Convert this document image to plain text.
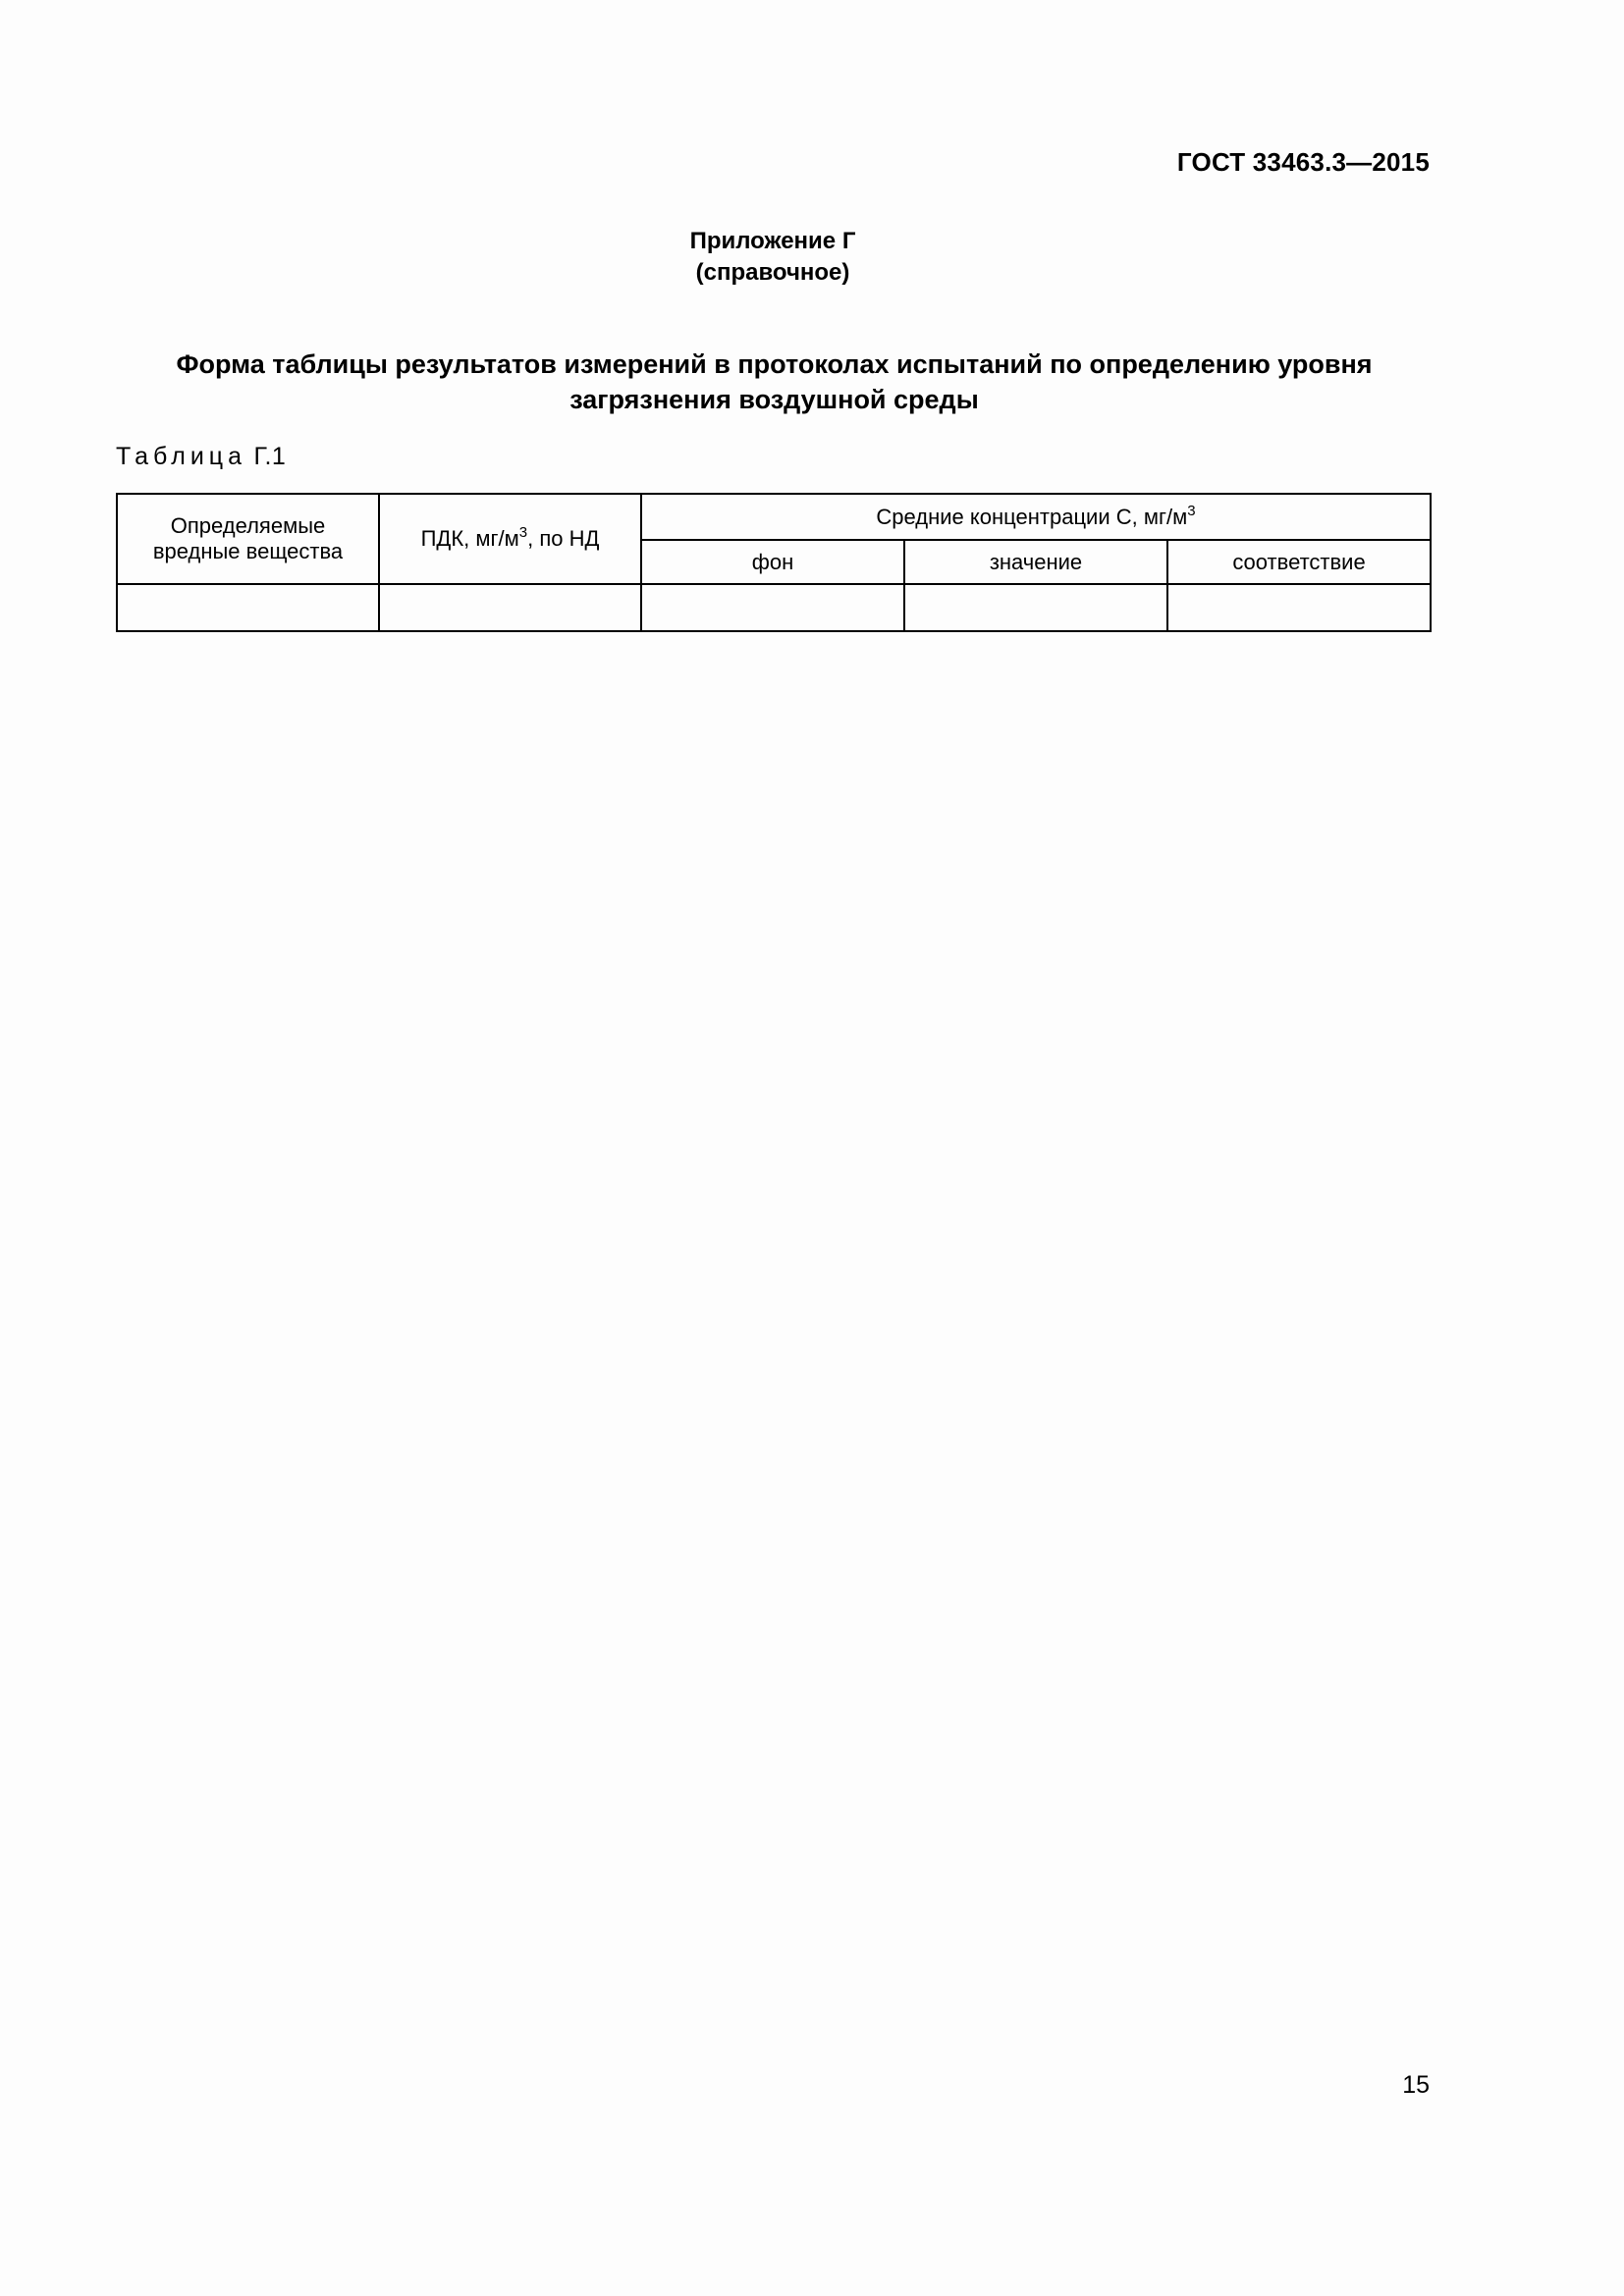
ГОСТ 33463.3—2015
Приложение Г
(справочное)
Форма таблицы результатов измерений в протоколах испытаний по определению уровня
загрязнения воздушной среды
Таблица Г.1
Определяемые
вредные вещества	ПДК, $мг/м^3$, по НД	Средние концентрации С, $мг/м^3$
		фон	значение	соответствие

15
